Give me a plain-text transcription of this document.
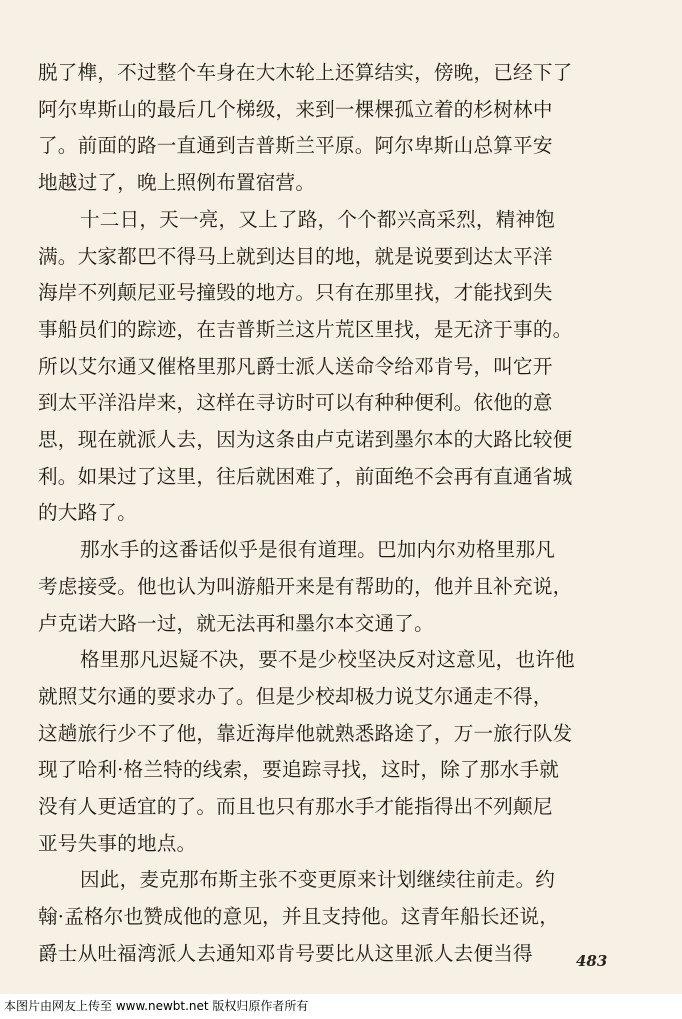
脱了榫，不过整个车身在大木轮上还算结实，傍晚，已经下了
阿尔卑斯山的最后几个梯级，来到一棵棵孤立着的杉树林中
了。前面的路一直通到吉普斯兰平原。阿尔卑斯山总算平安
地越过了，晚上照例布置宿营。
十二日，天一亮，又上了路，个个都兴高采烈，精神饱
满。大家都巴不得马上就到达目的地，就是说要到达太平洋
海岸不列颠尼亚号撞毁的地方。只有在那里找，才能找到失
事船员们的踪迹，在吉普斯兰这片荒区里找，是无济于事的。
所以艾尔通又催格里那凡爵士派人送命令给邓肯号，叫它开
到太平洋沿岸来，这样在寻访时可以有种种便利。依他的意
思，现在就派人去，因为这条由卢克诺到墨尔本的大路比较便
利。如果过了这里，往后就困难了，前面绝不会再有直通省城
的大路了。
那水手的这番话似乎是很有道理。巴加内尔劝格里那凡
考虑接受。他也认为叫游船开来是有帮助的，他并且补充说，
卢克诺大路一过，就无法再和墨尔本交通了。
格里那凡迟疑不决，要不是少校坚决反对这意见，也许他
就照艾尔通的要求办了。但是少校却极力说艾尔通走不得，
这趟旅行少不了他，靠近海岸他就熟悉路途了，万一旅行队发
现了哈利·格兰特的线索，要追踪寻找，这时，除了那水手就
没有人更适宜的了。而且也只有那水手才能指得出不列颠尼
亚号失事的地点。
因此，麦克那布斯主张不变更原来计划继续往前走。约
翰·孟格尔也赞成他的意见，并且支持他。这青年船长还说，
爵士从吐福湾派人去通知邓肯号要比从这里派人去便当得	483
本图片由网友上传至 www.newbt.net 版权归原作者所有
